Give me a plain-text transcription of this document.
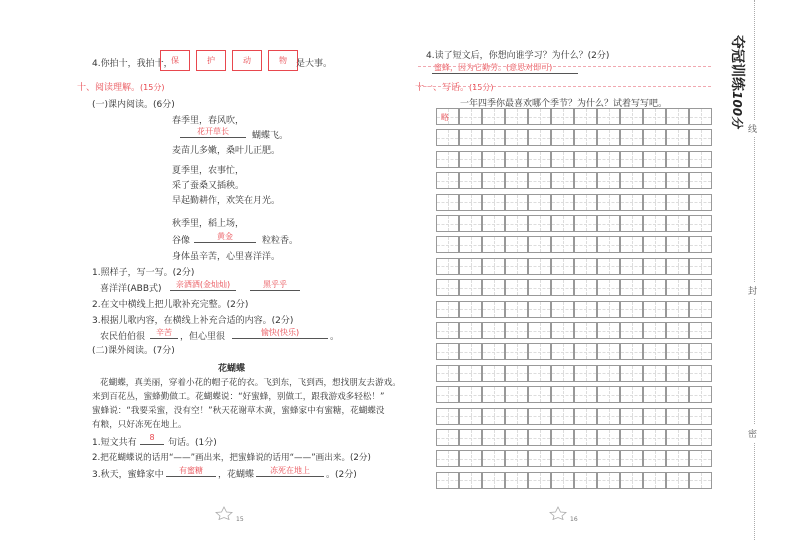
4.你拍十，我拍十，
保	护	动	物	是大事。
十、阅读理解。(15分)
(一)课内阅读。(6分)
春季里，春风吹，
花开草长	蝴蝶飞。
麦苗儿多嫩，桑叶儿正肥。
夏季里，农事忙，
采了蚕桑又插秧。
早起勤耕作，欢笑在月光。
秋季里，稻上场，
谷像	黄金	粒粒香。
身体虽辛苦，心里喜洋洋。
1.照样子，写一写。(2分)
喜洋洋(ABB式)	亲洒洒(金灿灿)	黑乎乎
2.在文中横线上把儿歌补充完整。(2分)
3.根据儿歌内容，在横线上补充合适的内容。(2分)
农民伯伯很	辛苦 ，但心里很	愉快(快乐)	。
(二)课外阅读。(7分)
花蝴蝶
花蝴蝶，真美丽，穿着小花的帽子花的衣。飞到东，飞到西，想找朋友去游戏。
来到百花丛，蜜蜂勤做工。花蝴蝶说：“好蜜蜂，别做工，跟我游戏多轻松！”
蜜蜂说：“我要采蜜，没有空！”秋天花谢草木黄，蜜蜂家中有蜜糖，花蝴蝶没
有粮，只好冻死在地上。
1.短文共有
8
句话。(1分)
2.把花蝴蝶说的话用“——”画出来，把蜜蜂说的话用“——”画出来。(2分)
3.秋天，蜜蜂家中	有蜜糖	，花蝴蝶	冻死在地上	。(2分)
15
4.读了短文后，你想向谁学习？为什么？(2分)
蜜蜂，因为它勤劳。(意思对即可)
十一、写话。(15分)
一年四季你最喜欢哪个季节？为什么？试着写写吧。
略
16
夺冠训练100分
线
封
密
